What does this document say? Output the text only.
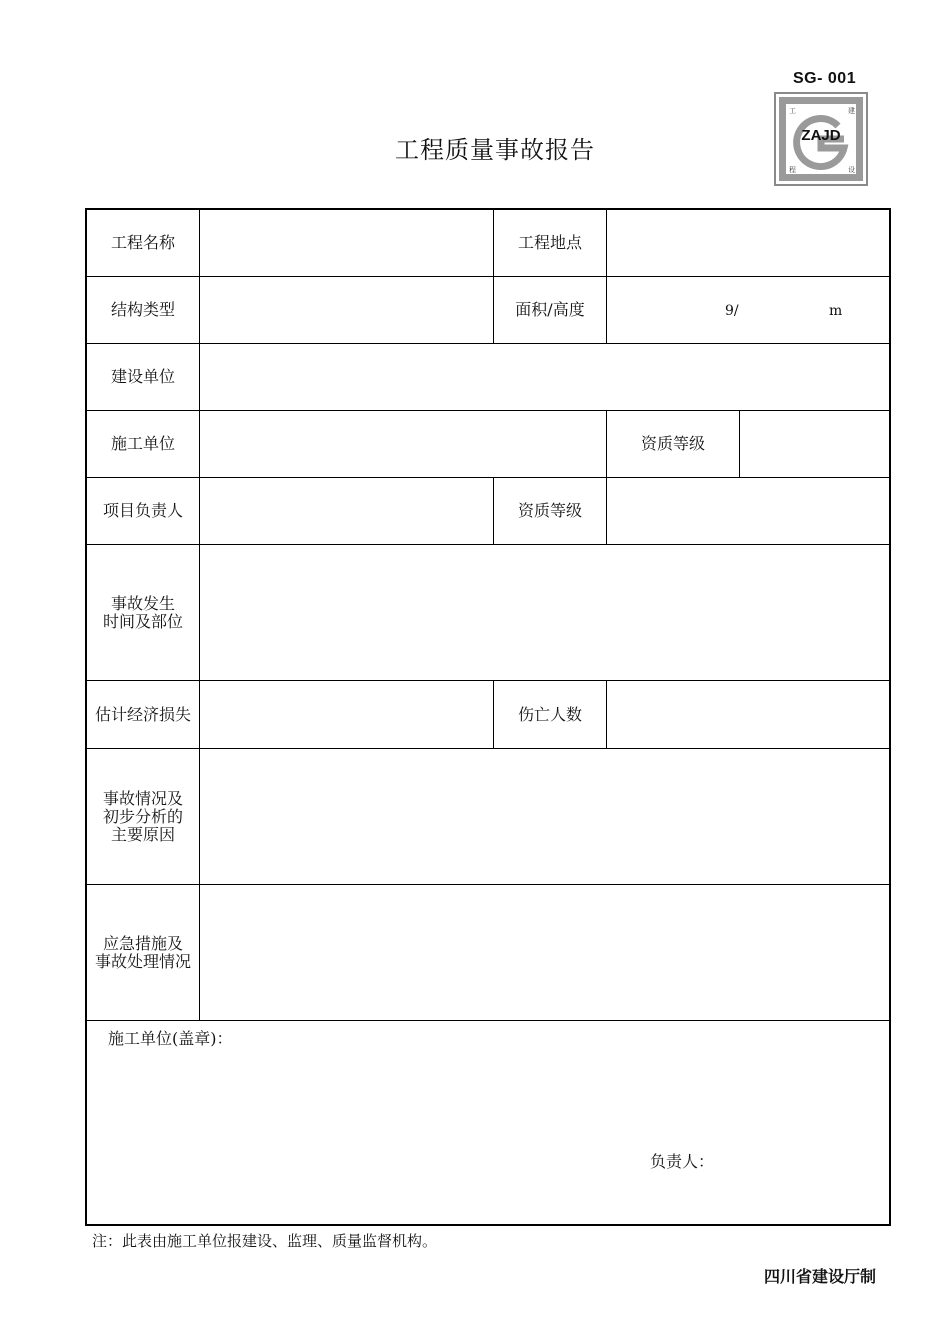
SG- 001
ZAJD
工	建
程	设
工程质量事故报告
工程名称	工程地点
结构类型	面积/高度	9/	m
建设单位
施工单位	资质等级
项目负责人	资质等级
事故发生
时间及部位
估计经济损失	伤亡人数
事故情况及
初步分析的
主要原因
应急措施及
事故处理情况
施工单位(盖章)：
负责人：
注：此表由施工单位报建设、监理、质量监督机构。
四川省建设厅制
